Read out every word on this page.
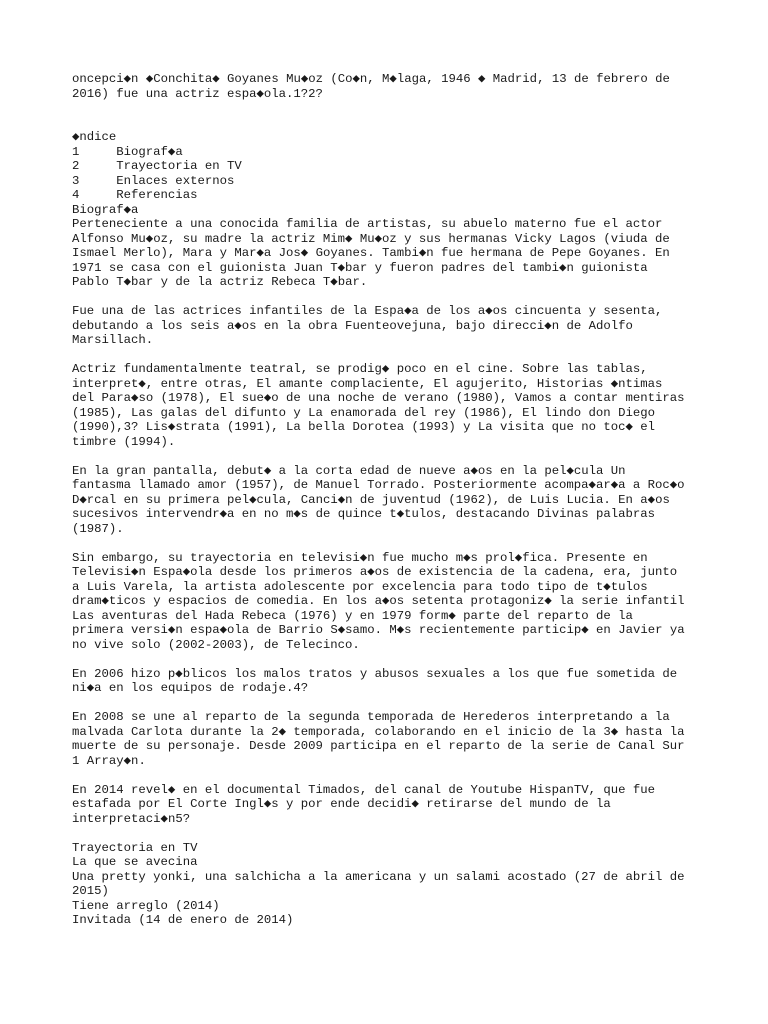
oncepci◆n ◆Conchita◆ Goyanes Mu◆oz (Co◆n, M◆laga, 1946 ◆ Madrid, 13 de febrero de
2016) fue una actriz espa◆ola.1?2?
◆ndice
1     Biograf◆a
2     Trayectoria en TV
3     Enlaces externos
4     Referencias
Biograf◆a
Perteneciente a una conocida familia de artistas, su abuelo materno fue el actor
Alfonso Mu◆oz, su madre la actriz Mim◆ Mu◆oz y sus hermanas Vicky Lagos (viuda de
Ismael Merlo), Mara y Mar◆a Jos◆ Goyanes. Tambi◆n fue hermana de Pepe Goyanes. En
1971 se casa con el guionista Juan T◆bar y fueron padres del tambi◆n guionista
Pablo T◆bar y de la actriz Rebeca T◆bar.
Fue una de las actrices infantiles de la Espa◆a de los a◆os cincuenta y sesenta,
debutando a los seis a◆os en la obra Fuenteovejuna, bajo direcci◆n de Adolfo
Marsillach.
Actriz fundamentalmente teatral, se prodig◆ poco en el cine. Sobre las tablas,
interpret◆, entre otras, El amante complaciente, El agujerito, Historias ◆ntimas
del Para◆so (1978), El sue◆o de una noche de verano (1980), Vamos a contar mentiras
(1985), Las galas del difunto y La enamorada del rey (1986), El lindo don Diego
(1990),3? Lis◆strata (1991), La bella Dorotea (1993) y La visita que no toc◆ el
timbre (1994).
En la gran pantalla, debut◆ a la corta edad de nueve a◆os en la pel◆cula Un
fantasma llamado amor (1957), de Manuel Torrado. Posteriormente acompa◆ar◆a a Roc◆o
D◆rcal en su primera pel◆cula, Canci◆n de juventud (1962), de Luis Lucia. En a◆os
sucesivos intervendr◆a en no m◆s de quince t◆tulos, destacando Divinas palabras
(1987).
Sin embargo, su trayectoria en televisi◆n fue mucho m◆s prol◆fica. Presente en
Televisi◆n Espa◆ola desde los primeros a◆os de existencia de la cadena, era, junto
a Luis Varela, la artista adolescente por excelencia para todo tipo de t◆tulos
dram◆ticos y espacios de comedia. En los a◆os setenta protagoniz◆ la serie infantil
Las aventuras del Hada Rebeca (1976) y en 1979 form◆ parte del reparto de la
primera versi◆n espa◆ola de Barrio S◆samo. M◆s recientemente particip◆ en Javier ya
no vive solo (2002-2003), de Telecinco.
En 2006 hizo p◆blicos los malos tratos y abusos sexuales a los que fue sometida de
ni◆a en los equipos de rodaje.4?
En 2008 se une al reparto de la segunda temporada de Herederos interpretando a la
malvada Carlota durante la 2◆ temporada, colaborando en el inicio de la 3◆ hasta la
muerte de su personaje. Desde 2009 participa en el reparto de la serie de Canal Sur
1 Array◆n.
En 2014 revel◆ en el documental Timados, del canal de Youtube HispanTV, que fue
estafada por El Corte Ingl◆s y por ende decidi◆ retirarse del mundo de la
interpretaci◆n5?
Trayectoria en TV
La que se avecina
Una pretty yonki, una salchicha a la americana y un salami acostado (27 de abril de
2015)
Tiene arreglo (2014)
Invitada (14 de enero de 2014)
